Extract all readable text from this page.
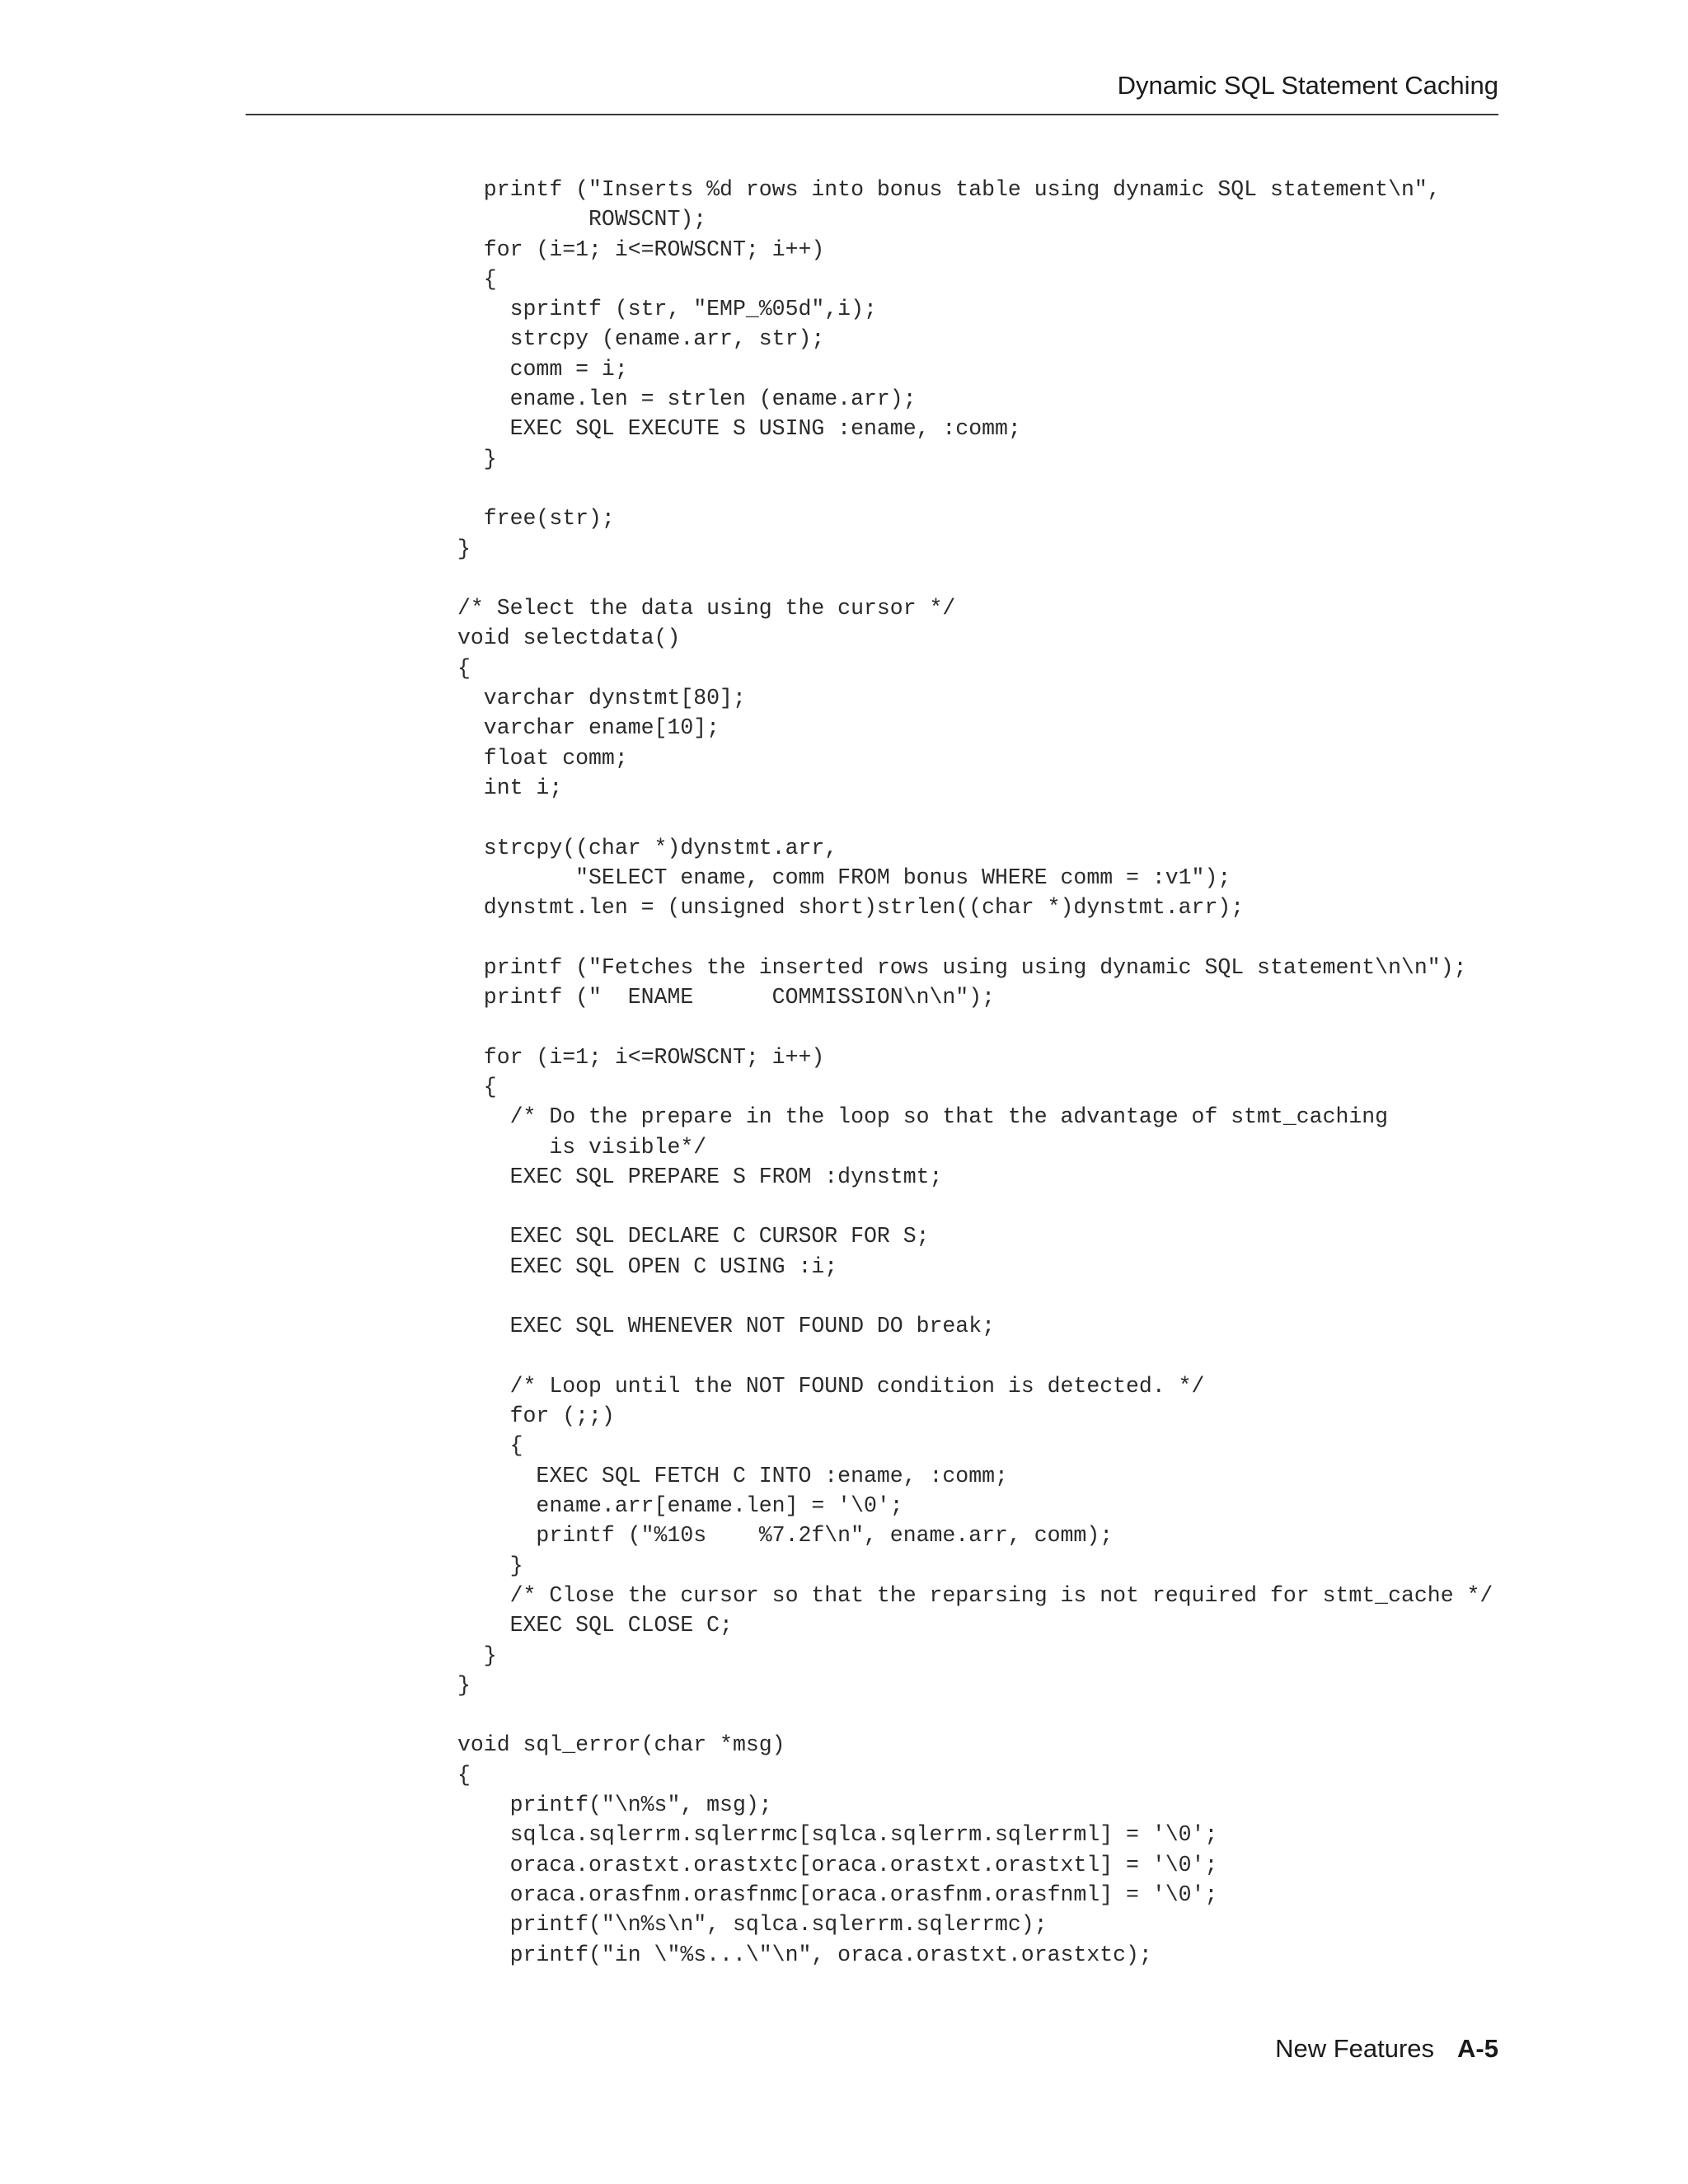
Dynamic SQL Statement Caching
printf ("Inserts %d rows into bonus table using dynamic SQL statement\n",
ROWSCNT);
for (i=1; i<=ROWSCNT; i++)
{
sprintf (str, "EMP_%05d",i);
strcpy (ename.arr, str);
comm = i;
ename.len = strlen (ename.arr);
EXEC SQL EXECUTE S USING :ename, :comm;
}
free(str);
}
/* Select the data using the cursor */
void selectdata()
{
varchar dynstmt[80];
varchar ename[10];
float comm;
int i;
strcpy((char *)dynstmt.arr,
"SELECT ename, comm FROM bonus WHERE comm = :v1");
dynstmt.len = (unsigned short)strlen((char *)dynstmt.arr);
printf ("Fetches the inserted rows using using dynamic SQL statement\n\n");
printf ("  ENAME      COMMISSION\n\n");
for (i=1; i<=ROWSCNT; i++)
{
/* Do the prepare in the loop so that the advantage of stmt_caching
is visible*/
EXEC SQL PREPARE S FROM :dynstmt;
EXEC SQL DECLARE C CURSOR FOR S;
EXEC SQL OPEN C USING :i;
EXEC SQL WHENEVER NOT FOUND DO break;
/* Loop until the NOT FOUND condition is detected. */
for (;;)
{
EXEC SQL FETCH C INTO :ename, :comm;
ename.arr[ename.len] = '\0';
printf ("%10s    %7.2f\n", ename.arr, comm);
}
/* Close the cursor so that the reparsing is not required for stmt_cache */
EXEC SQL CLOSE C;
}
}
void sql_error(char *msg)
{
printf("\n%s", msg);
sqlca.sqlerrm.sqlerrmc[sqlca.sqlerrm.sqlerrml] = '\0';
oraca.orastxt.orastxtc[oraca.orastxt.orastxtl] = '\0';
oraca.orasfnm.orasfnmc[oraca.orasfnm.orasfnml] = '\0';
printf("\n%s\n", sqlca.sqlerrm.sqlerrmc);
printf("in \"%s...\"\n", oraca.orastxt.orastxtc);
New Features A-5
